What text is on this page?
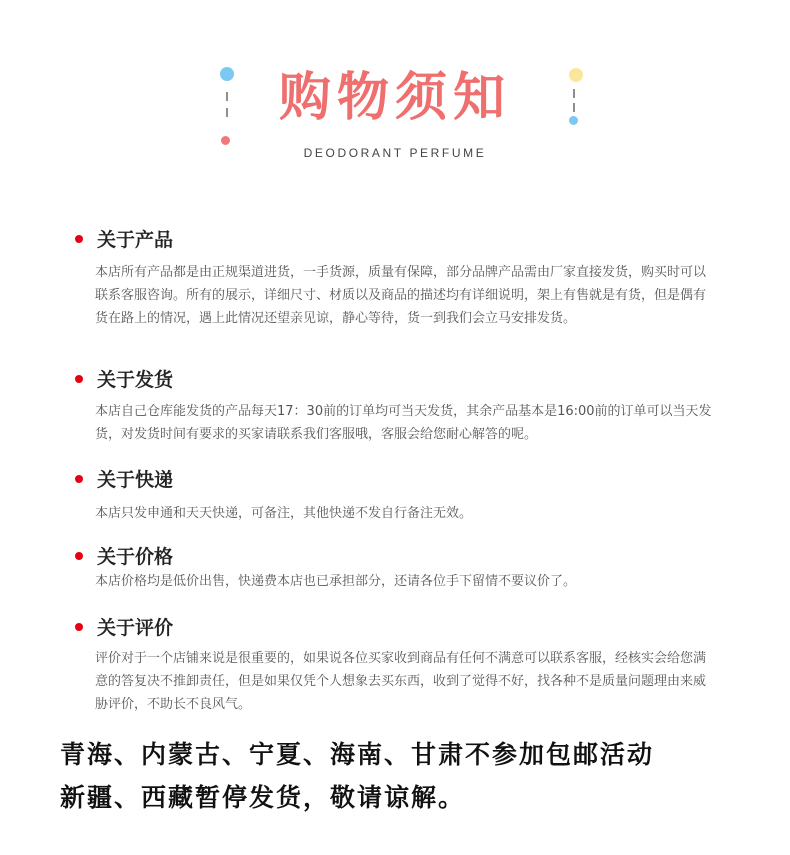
购物须知
DEODORANT PERFUME
关于产品
本店所有产品都是由正规渠道进货，一手货源，质量有保障，部分品牌产品需由厂家直接发货，购买时可以联系客服咨询。所有的展示，详细尺寸、材质以及商品的描述均有详细说明，架上有售就是有货，但是偶有货在路上的情况，遇上此情况还望亲见谅，静心等待，货一到我们会立马安排发货。
关于发货
本店自己仓库能发货的产品每天17：30前的订单均可当天发货，其余产品基本是16:00前的订单可以当天发货，对发货时间有要求的买家请联系我们客服哦，客服会给您耐心解答的呢。
关于快递
本店只发申通和天天快递，可备注，其他快递不发自行备注无效。
关于价格
本店价格均是低价出售，快递费本店也已承担部分，还请各位手下留情不要议价了。
关于评价
评价对于一个店铺来说是很重要的，如果说各位买家收到商品有任何不满意可以联系客服，经核实会给您满意的答复决不推卸责任，但是如果仅凭个人想象去买东西，收到了觉得不好，找各种不是质量问题理由来威胁评价，不助长不良风气。
青海、内蒙古、宁夏、海南、甘肃不参加包邮活动
新疆、西藏暂停发货，敬请谅解。
